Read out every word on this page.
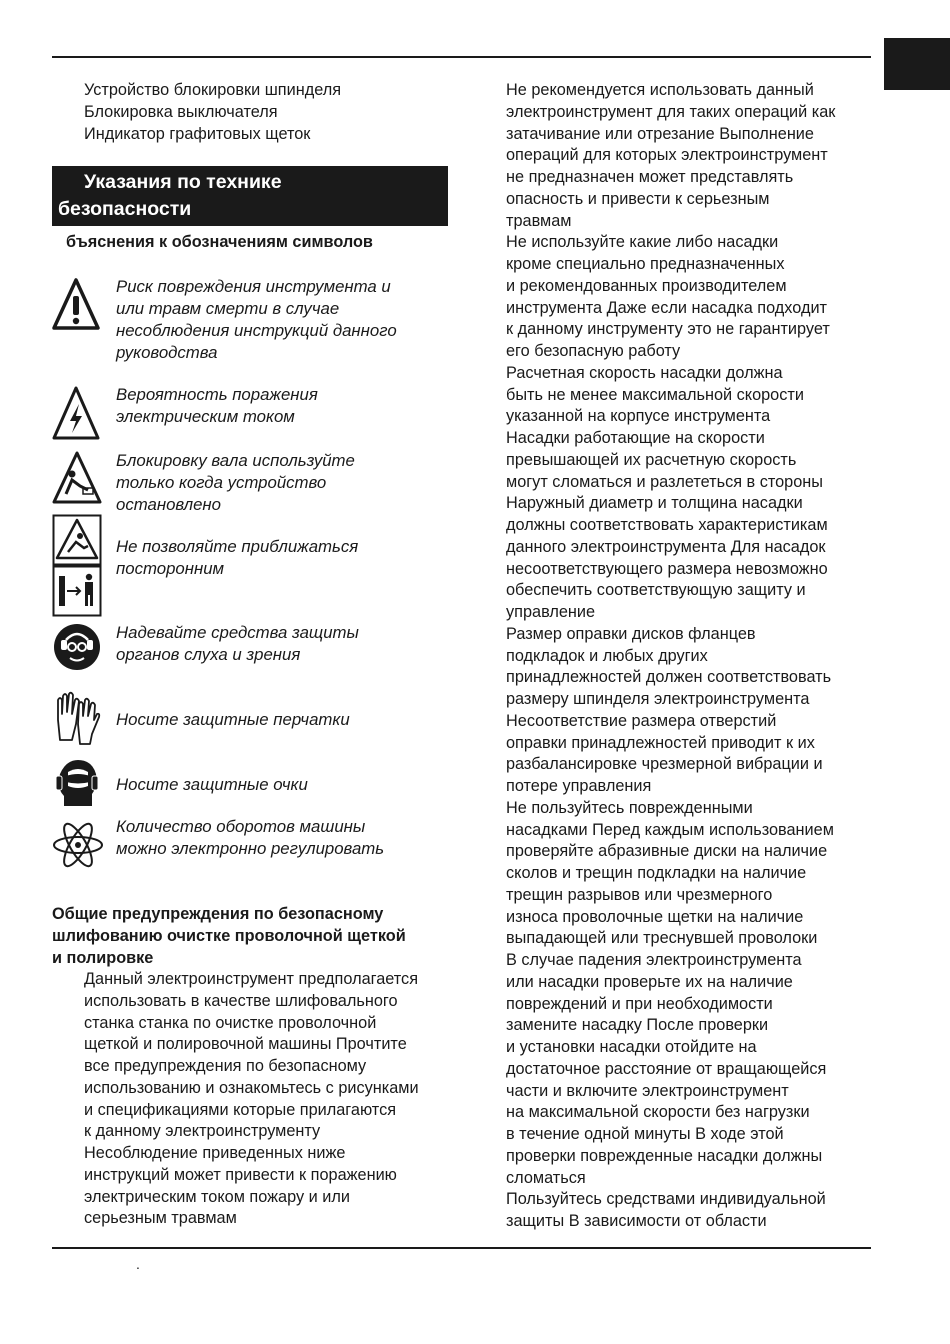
Устройство блокировки шпинделя

Блокировка выключателя

Индикатор графитовых щеток

Указания по технике
безопасности
бъяснения к обозначениям символов
Риск повреждения инструмента и
или травм смерти в случае
несоблюдения инструкций данного
руководства
Вероятность поражения
электрическим током
Блокировку вала используйте
только когда устройство
остановлено
Не позволяйте приближаться
посторонним
Надевайте средства защиты
органов слуха и зрения
Носите защитные перчатки
Носите защитные очки
Количество оборотов машины
можно электронно регулировать
Общие предупреждения по безопасному
шлифованию очистке проволочной щеткой
и полировке

Данный электроинструмент предполагается

использовать в качестве шлифовального

станка станка по очистке проволочной

щеткой и полировочной машины Прочтите

все предупреждения по безопасному

использованию и ознакомьтесь с рисунками

и спецификациями которые прилагаются

к данному электроинструменту

Несоблюдение приведенных ниже

инструкций может привести к поражению

электрическим током пожару и или

серьезным травмам

Не рекомендуется использовать данный

электроинструмент для таких операций как

затачивание или отрезание Выполнение

операций для которых электроинструмент

не предназначен может представлять

опасность и привести к серьезным

травмам

Не используйте какие либо насадки

кроме специально предназначенных

и рекомендованных производителем

инструмента Даже если насадка подходит

к данному инструменту это не гарантирует

его безопасную работу

Расчетная скорость насадки должна

быть не менее максимальной скорости

указанной на корпусе инструмента

Насадки работающие на скорости

превышающей их расчетную скорость

могут сломаться и разлететься в стороны

Наружный диаметр и толщина насадки

должны соответствовать характеристикам

данного электроинструмента Для насадок

несоответствующего размера невозможно

обеспечить соответствующую защиту и

управление

Размер оправки дисков фланцев

подкладок и любых других

принадлежностей должен соответствовать

размеру шпинделя электроинструмента

Несоответствие размера отверстий

оправки принадлежностей приводит к их

разбалансировке чрезмерной вибрации и

потере управления

Не пользуйтесь поврежденными

насадками Перед каждым использованием

проверяйте абразивные диски на наличие

сколов и трещин подкладки на наличие

трещин разрывов или чрезмерного

износа проволочные щетки на наличие

выпадающей или треснувшей проволоки

В случае падения электроинструмента

или насадки проверьте их на наличие

повреждений и при необходимости

замените насадку После проверки

и установки насадки отойдите на

достаточное расстояние от вращающейся

части и включите электроинструмент

на максимальной скорости без нагрузки

в течение одной минуты В ходе этой

проверки поврежденные насадки должны

сломаться

Пользуйтесь средствами индивидуальной

защиты В зависимости от области

.
